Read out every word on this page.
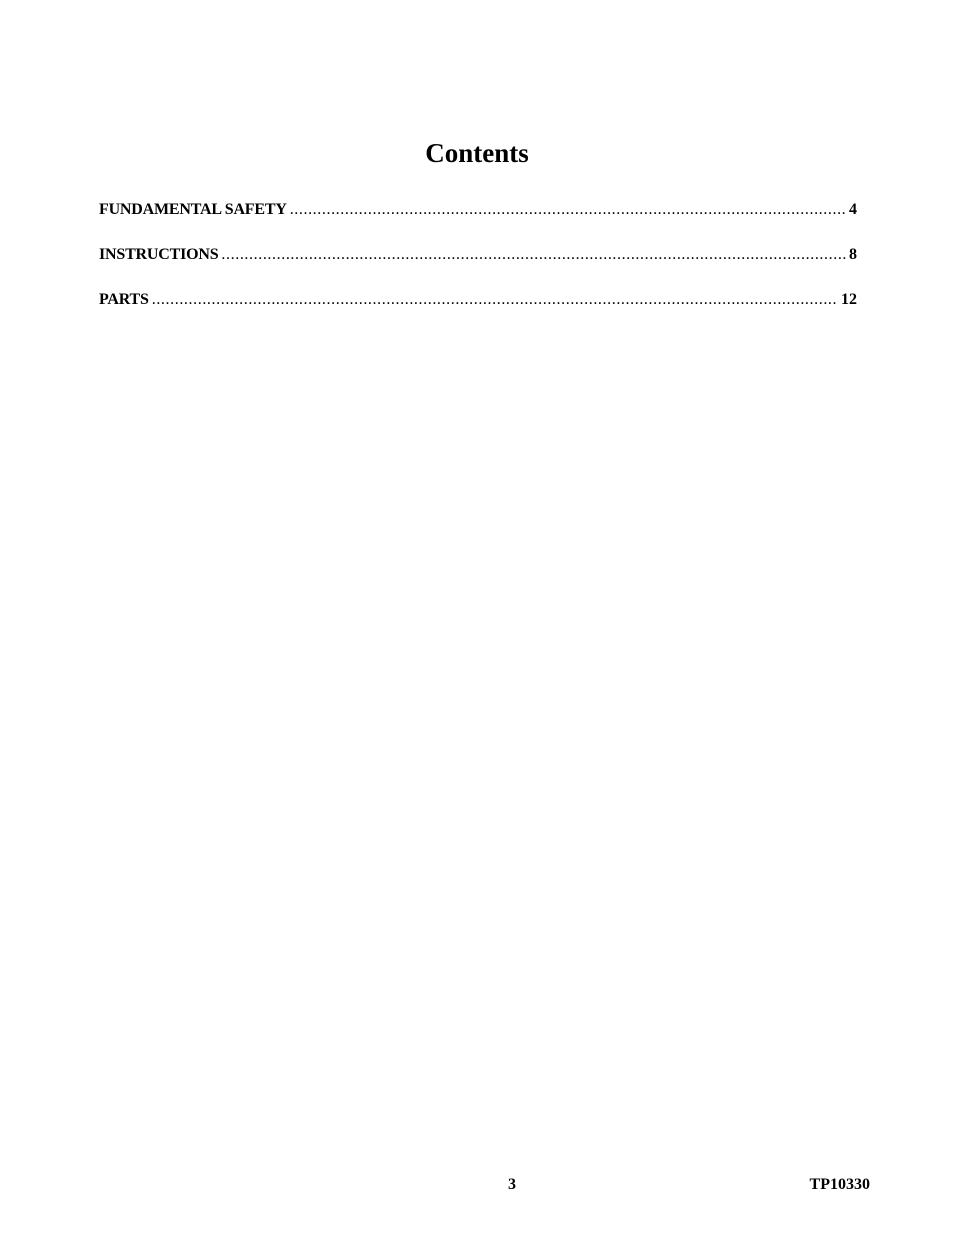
Contents
FUNDAMENTAL SAFETY .....	4
INSTRUCTIONS .....	8
PARTS .....	12
3	TP10330
